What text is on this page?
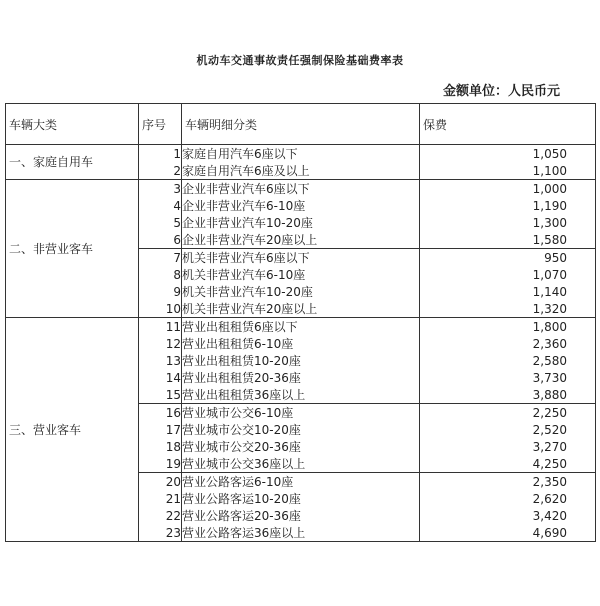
机动车交通事故责任强制保险基础费率表
金额单位：人民币元
车辆大类	序号	车辆明细分类	保费
一、家庭自用车	1	家庭自用汽车6座以下	1,050
	2	家庭自用汽车6座及以上	1,100
二、非营业客车	3	企业非营业汽车6座以下	1,000
	4	企业非营业汽车6-10座	1,190
	5	企业非营业汽车10-20座	1,300
	6	企业非营业汽车20座以上	1,580
	7	机关非营业汽车6座以下	950
	8	机关非营业汽车6-10座	1,070
	9	机关非营业汽车10-20座	1,140
	10	机关非营业汽车20座以上	1,320
三、营业客车	11	营业出租租赁6座以下	1,800
	12	营业出租租赁6-10座	2,360
	13	营业出租租赁10-20座	2,580
	14	营业出租租赁20-36座	3,730
	15	营业出租租赁36座以上	3,880
	16	营业城市公交6-10座	2,250
	17	营业城市公交10-20座	2,520
	18	营业城市公交20-36座	3,270
	19	营业城市公交36座以上	4,250
	20	营业公路客运6-10座	2,350
	21	营业公路客运10-20座	2,620
	22	营业公路客运20-36座	3,420
	23	营业公路客运36座以上	4,690
